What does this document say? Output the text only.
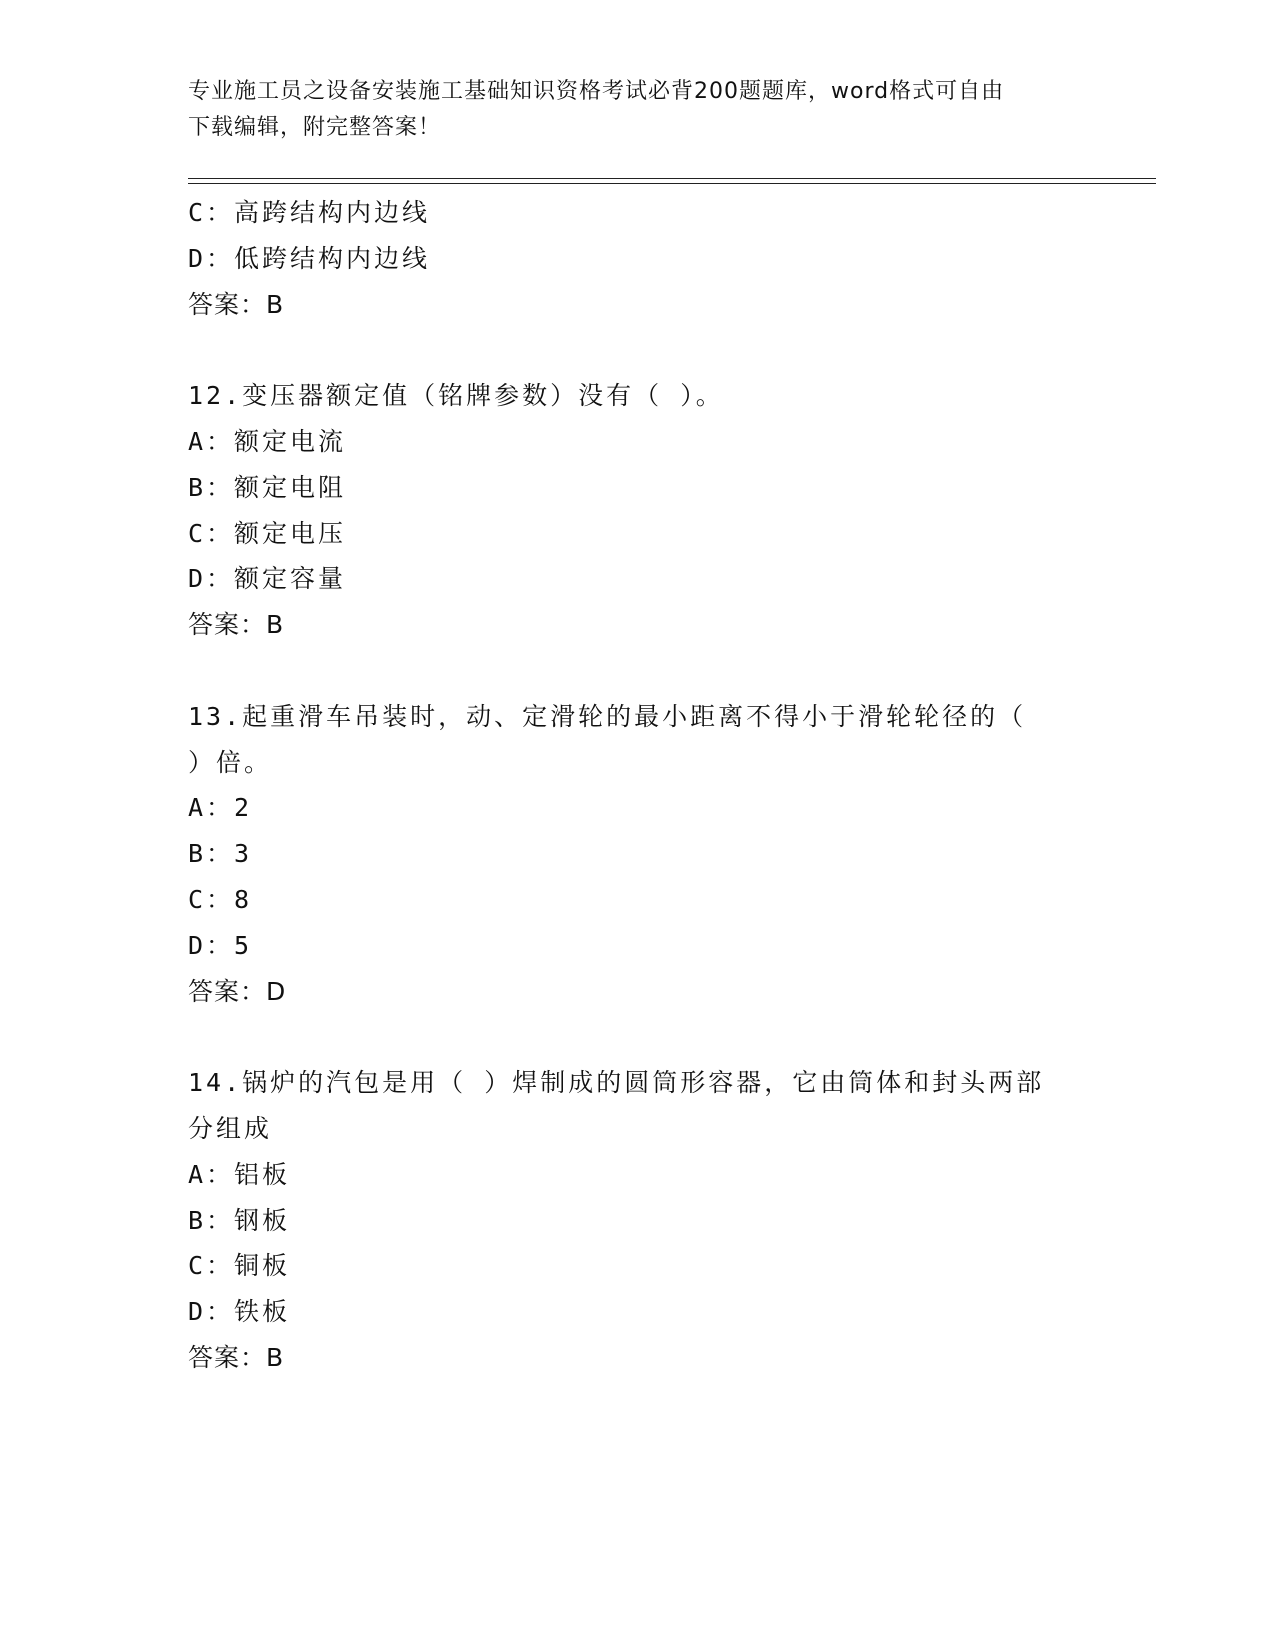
专业施工员之设备安装施工基础知识资格考试必背200题题库，word格式可自由
下载编辑，附完整答案！
C：高跨结构内边线
D：低跨结构内边线
答案：B
12.变压器额定值（铭牌参数）没有（ ）。
A：额定电流
B：额定电阻
C：额定电压
D：额定容量
答案：B
13.起重滑车吊装时，动、定滑轮的最小距离不得小于滑轮轮径的（
）倍。
A：2
B：3
C：8
D：5
答案：D
14.锅炉的汽包是用（ ）焊制成的圆筒形容器，它由筒体和封头两部
分组成
A：铝板
B：钢板
C：铜板
D：铁板
答案：B
